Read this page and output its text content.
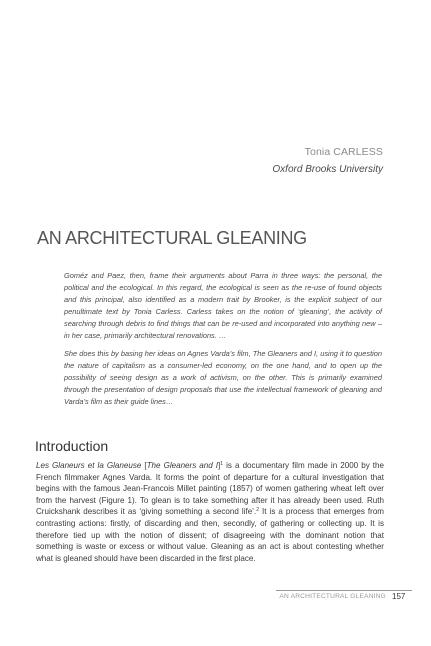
Tonia CARLESS
Oxford Brooks University
AN ARCHITECTURAL GLEANING

Goméz and Paez, then, frame their arguments about Parra in three ways: the personal, the political and the ecological. In this regard, the ecological is seen as the re-use of found objects and this principal, also identified as a modern trait by Brooker, is the explicit subject of our penultimate text by Tonia Carless. Carless takes on the notion of ‘gleaning’, the activity of searching through debris to find things that can be re-used and incorporated into anything new – in her case, primarily architectural renovations. …

She does this by basing her ideas on Agnes Varda’s film, The Gleaners and I, using it to question the nature of capitalism as a consumer-led economy, on the one hand, and to open up the possibility of seeing design as a work of activism, on the other. This is primarily examined through the presentation of design proposals that use the intellectual framework of gleaning and Varda’s film as their guide lines…

Introduction

Les Glaneurs et la Glaneuse [The Gleaners and I]$^1$ is a documentary film made in 2000 by the French filmmaker Agnes Varda. It forms the point of departure for a cultural investigation that begins with the famous Jean-Francois Millet painting (1857) of women gathering wheat left over from the harvest (Figure 1). To glean is to take something after it has already been used. Ruth Cruickshank describes it as ‘giving something a second life’.$^2$ It is a process that emerges from contrasting actions: firstly, of discarding and then, secondly, of gathering or collecting up. It is therefore tied up with the notion of dissent; of disagreeing with the dominant notion that something is waste or excess or without value. Gleaning as an act is about contesting whether what is gleaned should have been discarded in the first place.

AN ARCHITECTURAL GLEANING 157
